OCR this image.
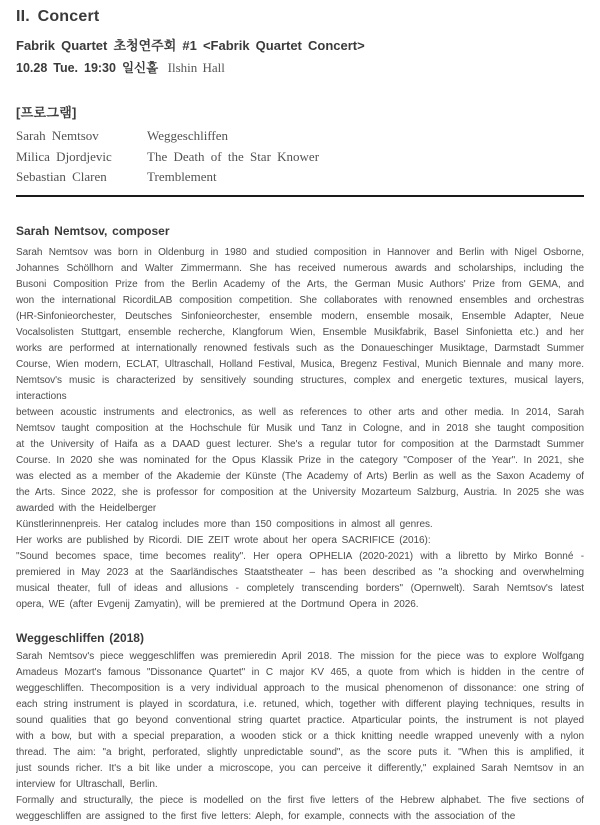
II. Concert
Fabrik Quartet 초청연주회 #1 <Fabrik Quartet Concert>
10.28 Tue. 19:30 일신홀 Ilshin Hall
[프로그램]
Sarah Nemtsov	Weggeschliffen
Milica Djordjevic	The Death of the Star Knower
Sebastian Claren	Tremblement
Sarah Nemtsov, composer
Sarah Nemtsov was born in Oldenburg in 1980 and studied composition in Hannover and Berlin with Nigel Osborne,
Johannes Schöllhorn and Walter Zimmermann. She has received numerous awards and scholarships, including the
Busoni Composition Prize from the Berlin Academy of the Arts, the German Music Authors' Prize from GEMA, and
won the international RicordiLAB composition competition. She collaborates with renowned ensembles and orchestras
(HR-Sinfonieorchester, Deutsches Sinfonieorchester, ensemble modern, ensemble mosaik, Ensemble Adapter, Neue
Vocalsolisten Stuttgart, ensemble recherche, Klangforum Wien, Ensemble Musikfabrik, Basel Sinfonietta etc.) and her
works are performed at internationally renowned festivals such as the Donaueschinger Musiktage, Darmstadt Summer
Course, Wien modern, ECLAT, Ultraschall, Holland Festival, Musica, Bregenz Festival, Munich Biennale and many more.
Nemtsov's music is characterized by sensitively sounding structures, complex and energetic textures, musical layers,
interactions
between acoustic instruments and electronics, as well as references to other arts and other media. In 2014, Sarah
Nemtsov taught composition at the Hochschule für Musik und Tanz in Cologne, and in 2018 she taught composition
at the University of Haifa as a DAAD guest lecturer. She's a regular tutor for composition at the Darmstadt Summer
Course. In 2020 she was nominated for the Opus Klassik Prize in the category "Composer of the Year". In 2021, she
was elected as a member of the Akademie der Künste (The Academy of Arts) Berlin as well as the Saxon Academy of
the Arts. Since 2022, she is professor for composition at the University Mozarteum Salzburg, Austria. In 2025 she was
awarded with the Heidelberger
Künstlerinnenpreis. Her catalog includes more than 150 compositions in almost all genres.
Her works are published by Ricordi. DIE ZEIT wrote about her opera SACRIFICE (2016):
"Sound becomes space, time becomes reality". Her opera OPHELIA (2020-2021) with a libretto by Mirko Bonné -
premiered in May 2023 at the Saarländisches Staatstheater – has been described as "a shocking and overwhelming
musical theater, full of ideas and allusions - completely transcending borders" (Opernwelt). Sarah Nemtsov's latest
opera, WE (after Evgenij Zamyatin), will be premiered at the Dortmund Opera in 2026.
Weggeschliffen (2018)
Sarah Nemtsov's piece weggeschliffen was premieredin April 2018. The mission for the piece was to explore Wolfgang
Amadeus Mozart's famous "Dissonance Quartet" in C major KV 465, a quote from which is hidden in the centre of
weggeschliffen. Thecomposition is a very individual approach to the musical phenomenon of dissonance: one string of
each string instrument is played in scordatura, i.e. retuned, which, together with different playing techniques, results in
sound qualities that go beyond conventional string quartet practice. Atparticular points, the instrument is not played
with a bow, but with a special preparation, a wooden stick or a thick knitting needle wrapped unevenly with a nylon
thread. The aim: "a bright, perforated, slightly unpredictable sound", as the score puts it. "When this is amplified, it
just sounds richer. It's a bit like under a microscope, you can perceive it differently," explained Sarah Nemtsov in an
interview for Ultraschall, Berlin.
Formally and structurally, the piece is modelled on the first five letters of the Hebrew alphabet. The five sections of
weggeschliffen are assigned to the first five letters: Aleph, for example, connects with the association of the
